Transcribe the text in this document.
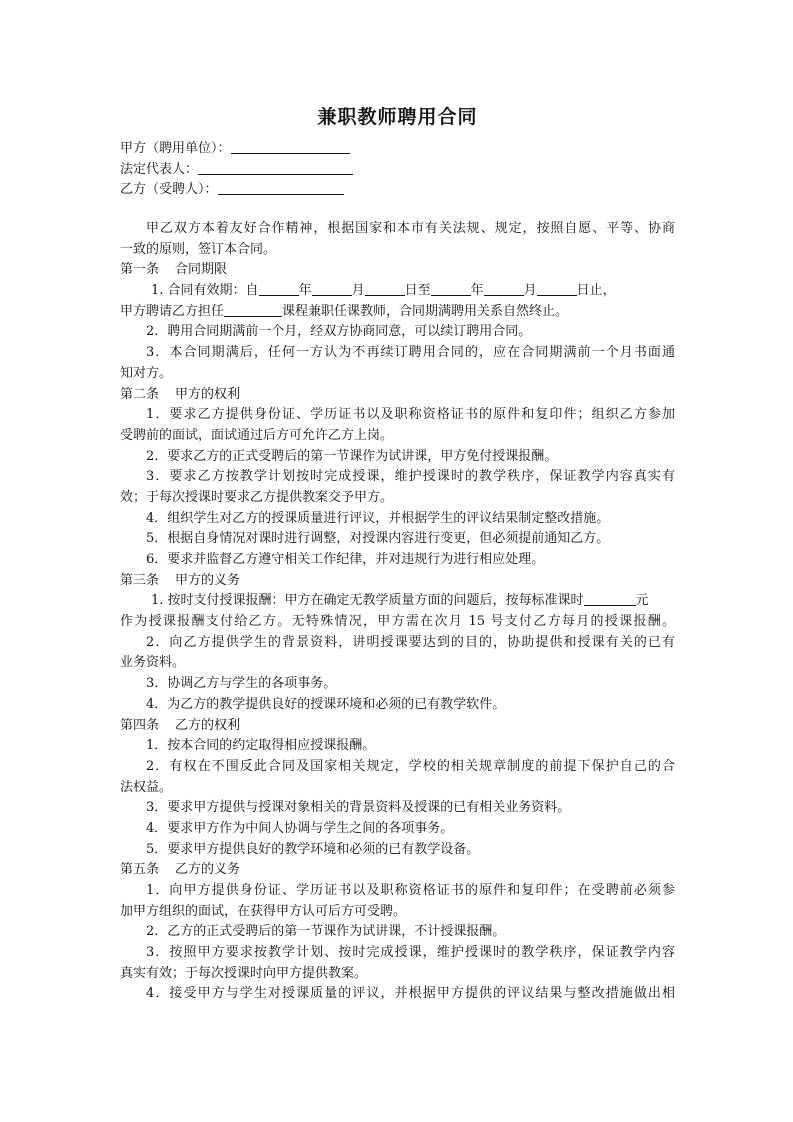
兼职教师聘用合同
甲方（聘用单位）：
法定代表人：
乙方（受聘人）：
甲乙双方本着友好合作精神，根据国家和本市有关法规、规定，按照自愿、平等、协商
一致的原则，签订本合同。
第一条 合同期限
1. 合同有效期：自	年	月	日至	年	月	日止，
甲方聘请乙方担任	课程兼职任课教师，合同期满聘用关系自然终止。
2．聘用合同期满前一个月，经双方协商同意，可以续订聘用合同。
3．本合同期满后，任何一方认为不再续订聘用合同的，应在合同期满前一个月书面通
知对方。
第二条 甲方的权利
1．要求乙方提供身份证、学历证书以及职称资格证书的原件和复印件；组织乙方参加
受聘前的面试，面试通过后方可允许乙方上岗。
2．要求乙方的正式受聘后的第一节课作为试讲课，甲方免付授课报酬。
3．要求乙方按教学计划按时完成授课，维护授课时的教学秩序，保证教学内容真实有
效；于每次授课时要求乙方提供教案交予甲方。
4．组织学生对乙方的授课质量进行评议，并根据学生的评议结果制定整改措施。
5．根据自身情况对课时进行调整，对授课内容进行变更，但必须提前通知乙方。
6．要求并监督乙方遵守相关工作纪律，并对违规行为进行相应处理。
第三条 甲方的义务
1. 按时支付授课报酬：甲方在确定无教学质量方面的问题后，按每标准课时	元
作为授课报酬支付给乙方。无特殊情况，甲方需在次月 15 号支付乙方每月的授课报酬。
2．向乙方提供学生的背景资料，讲明授课要达到的目的，协助提供和授课有关的已有
业务资料。
3．协调乙方与学生的各项事务。
4．为乙方的教学提供良好的授课环境和必须的已有教学软件。
第四条 乙方的权利
1．按本合同的约定取得相应授课报酬。
2．有权在不围反此合同及国家相关规定，学校的相关规章制度的前提下保护自己的合
法权益。
3．要求甲方提供与授课对象相关的背景资料及授课的已有相关业务资料。
4．要求甲方作为中间人协调与学生之间的各项事务。
5．要求甲方提供良好的教学环境和必须的已有教学设备。
第五条 乙方的义务
1．向甲方提供身份证、学历证书以及职称资格证书的原件和复印件；在受聘前必须参
加甲方组织的面试，在获得甲方认可后方可受聘。
2．乙方的正式受聘后的第一节课作为试讲课，不计授课报酬。
3．按照甲方要求按教学计划、按时完成授课，维护授课时的教学秩序，保证教学内容
真实有效；于每次授课时向甲方提供教案。
4．接受甲方与学生对授课质量的评议，并根据甲方提供的评议结果与整改措施做出相
